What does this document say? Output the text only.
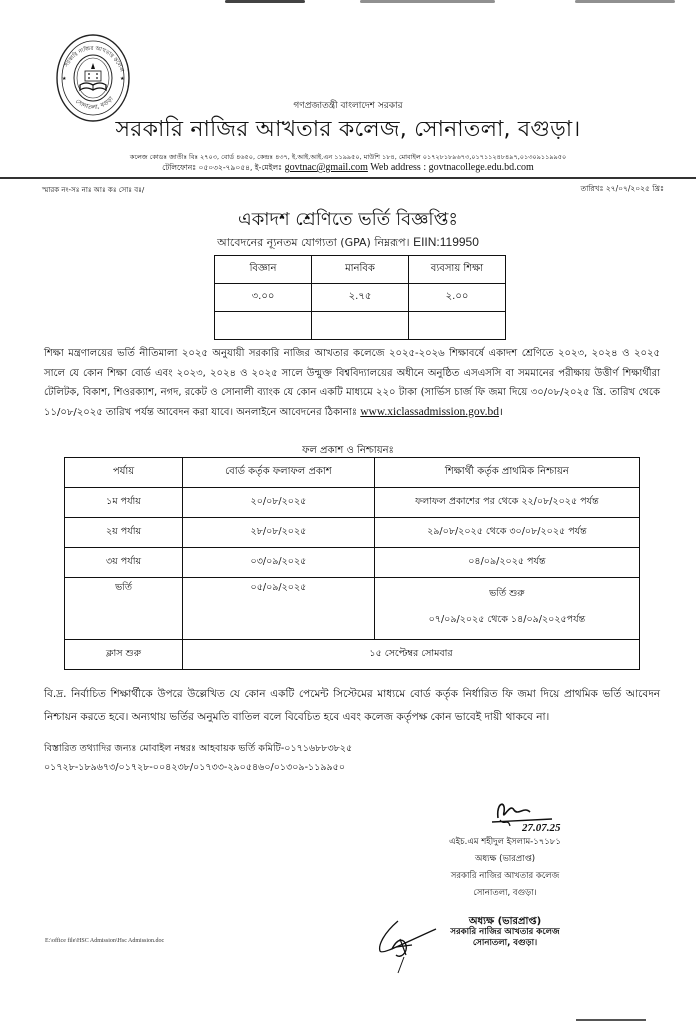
★	★
সরকারি নাজির আখতার কলেজ
সোনাতলা, বগুড়া
গণপ্রজাতন্ত্রী বাংলাদেশ সরকার
সরকারি নাজির আখতার কলেজ, সোনাতলা, বগুড়া।
কলেজ কোডঃ জাতীঃ বিঃ ২৭০৩, বোর্ড ৪৬৫০, কেন্দ্রঃ ৪৩৭, ই.আই.আই.এন ১১৯৯৫০, মাউশি ১৮৪, মোবাইল ০১৭২৮১৮৯৬৭৩,০১৭১১২৪৮৪৯৭,০১৩০৯১১৯৯৫০
টেলিফোনঃ ০৫০৩২-৭৯০৫৪, ই-মেইলঃ govtnac@gmail.com Web address : govtnacollege.edu.bd.com
স্মারক নং-সঃ নাঃ আঃ কঃ সোঃ বঃ/	তারিখঃ ২৭/০৭/২০২৫ খ্রিঃ
একাদশ শ্রেণিতে ভর্তি বিজ্ঞপ্তিঃ
আবেদনের ন্যূনতম যোগ্যতা (GPA) নিম্নরূপ। EIIN:119950
বিজ্ঞান	মানবিক	ব্যবসায় শিক্ষা
৩.০০	২.৭৫	২.০০

শিক্ষা মন্ত্রণালয়ের ভর্তি নীতিমালা ২০২৫ অনুযায়ী সরকারি নাজির আখতার কলেজে ২০২৫-২০২৬ শিক্ষাবর্ষে একাদশ শ্রেণিতে ২০২৩, ২০২৪ ও ২০২৫ সালে যে কোন শিক্ষা বোর্ড এবং ২০২৩, ২০২৪ ও ২০২৫ সালে উন্মুক্ত বিশ্ববিদ্যালয়ের অধীনে অনুষ্ঠিত এসএসসি বা সমমানের পরীক্ষায় উত্তীর্ণ শিক্ষার্থীরা টেলিটক, বিকাশ, শিওরক্যাশ, নগদ, রকেট ও সোনালী ব্যাংক যে কোন একটি মাধ্যমে ২২০ টাকা (সার্ভিস চার্জ ফি জমা দিয়ে ৩০/০৮/২০২৫ খ্রি. তারিখ থেকে ১১/০৮/২০২৫ তারিখ পর্যন্ত আবেদন করা যাবে। অনলাইনে আবেদনের ঠিকানাঃ www.xiclassadmission.gov.bd।
ফল প্রকাশ ও নিশ্চায়নঃ
পর্যায়	বোর্ড কর্তৃক ফলাফল প্রকাশ	শিক্ষার্থী কর্তৃক প্রাথমিক নিশ্চায়ন
১ম পর্যায়	২০/০৮/২০২৫	ফলাফল প্রকাশের পর থেকে ২২/০৮/২০২৫ পর্যন্ত
২য় পর্যায়	২৮/০৮/২০২৫	২৯/০৮/২০২৫ থেকে ৩০/০৮/২০২৫ পর্যন্ত
৩য় পর্যায়	০৩/০৯/২০২৫	০৪/০৯/২০২৫ পর্যন্ত
ভর্তি	০৫/০৯/২০২৫	ভর্তি শুরু
০৭/০৯/২০২৫ থেকে ১৪/০৯/২০২৫পর্যন্ত

ক্লাস শুরু	১৫ সেপ্টেম্বর সোমবার	
বি.দ্র. নির্বাচিত শিক্ষার্থীকে উপরে উল্লেখিত যে কোন একটি পেমেন্ট সিস্টেমের মাধ্যমে বোর্ড কর্তৃক নির্ধারিত ফি জমা দিয়ে প্রাথমিক ভর্তি আবেদন নিশ্চায়ন করতে হবে। অন্যথায় ভর্তির অনুমতি বাতিল বলে বিবেচিত হবে এবং কলেজ কর্তৃপক্ষ কোন ভাবেই দায়ী থাকবে না।
বিস্তারিত তথ্যাদির জন্যঃ মোবাইল নম্বরঃ আহবায়ক ভর্তি কমিটি-০১৭১৬৮৮৩৮২৫
০১৭২৮-১৮৯৬৭৩/০১৭২৮-০০৪২৩৮/০১৭৩৩-২৯০৫৪৬০/০১৩০৯-১১৯৯৫০
27.07.25
এইচ.এম শহীদুল ইসলাম-১৭১৮১
অধ্যক্ষ (ভারপ্রাপ্ত)
সরকারি নাজির আখতার কলেজ
সোনাতলা, বগুড়া।
অধ্যক্ষ (ভারপ্রাপ্ত)
সরকারি নাজির আখতার কলেজ
সোনাতলা, বগুড়া।
E:\office file\HSC Admission\Hsc Admission.doc
